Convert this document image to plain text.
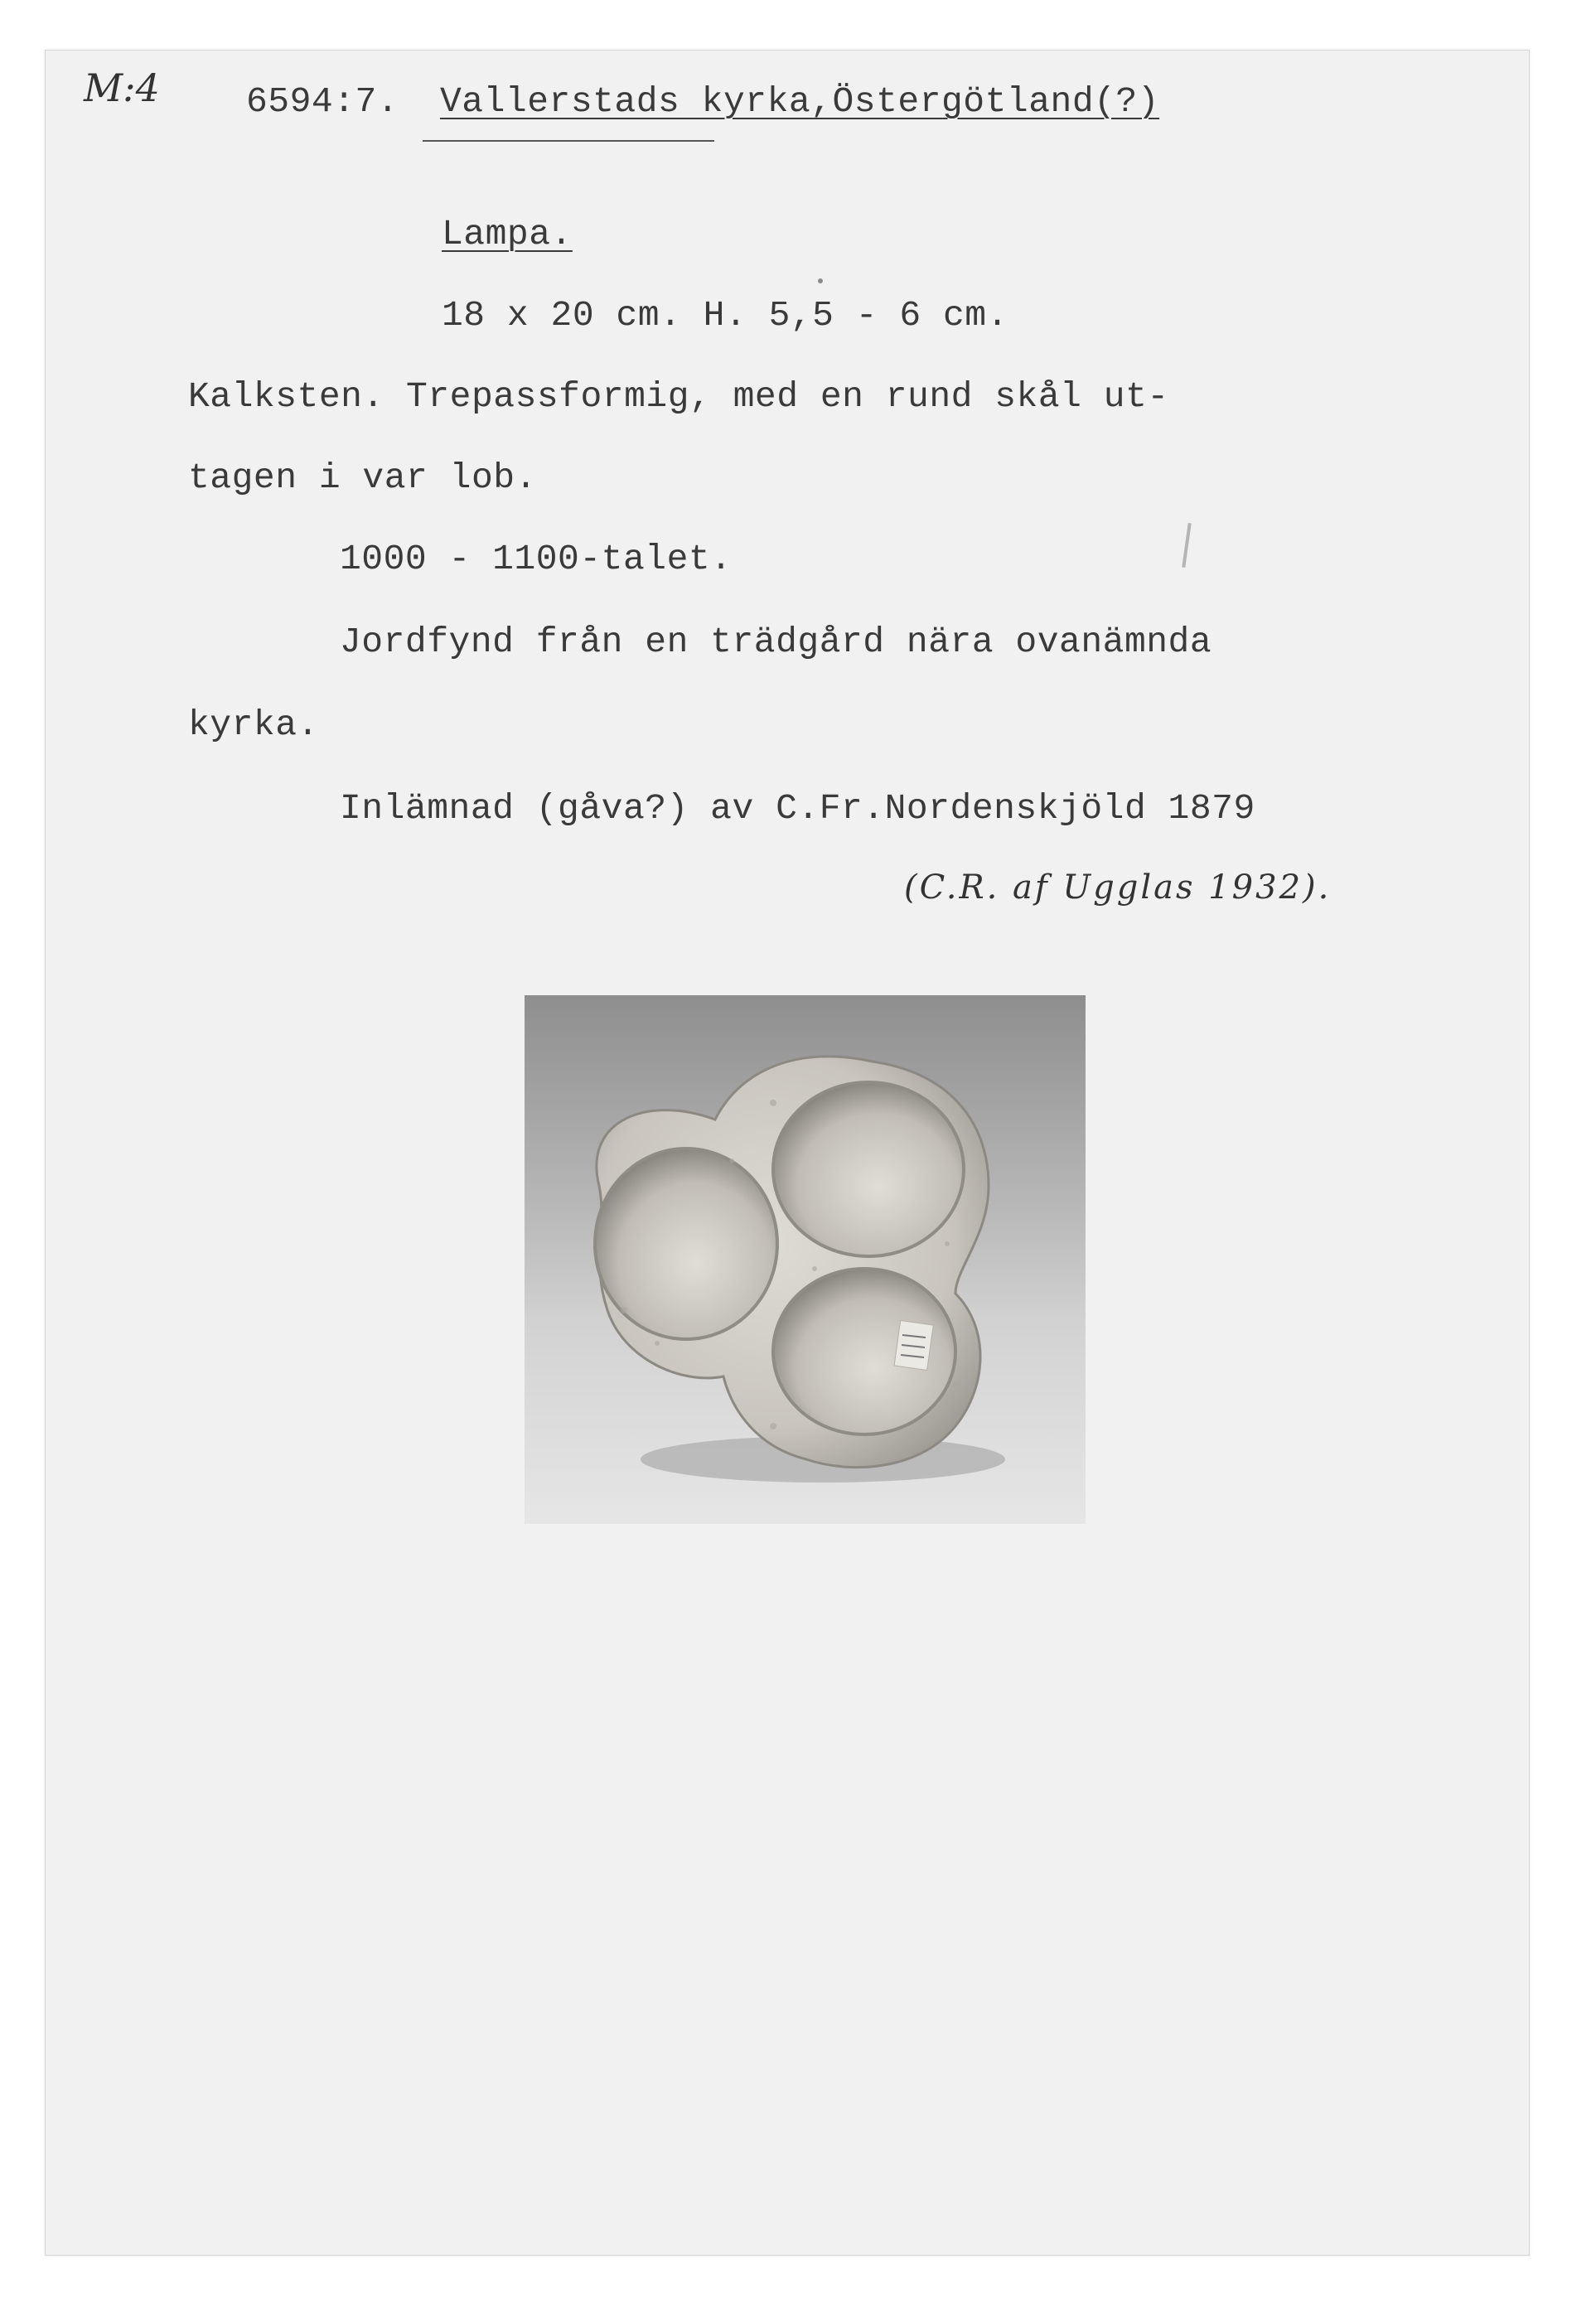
M:4 6594:7. Vallerstads kyrka,Östergötland(?)
Lampa.
18 x 20 cm. H. 5,5 - 6 cm.
Kalksten. Trepassformig, med en rund skål ut-
tagen i var lob.
1000 - 1100-talet.
Jordfynd från en trädgård nära ovanämnda
kyrka.
Inlämnad (gåva?) av C.Fr.Nordenskjöld 1879
(C.R. af Ugglas 1932).
